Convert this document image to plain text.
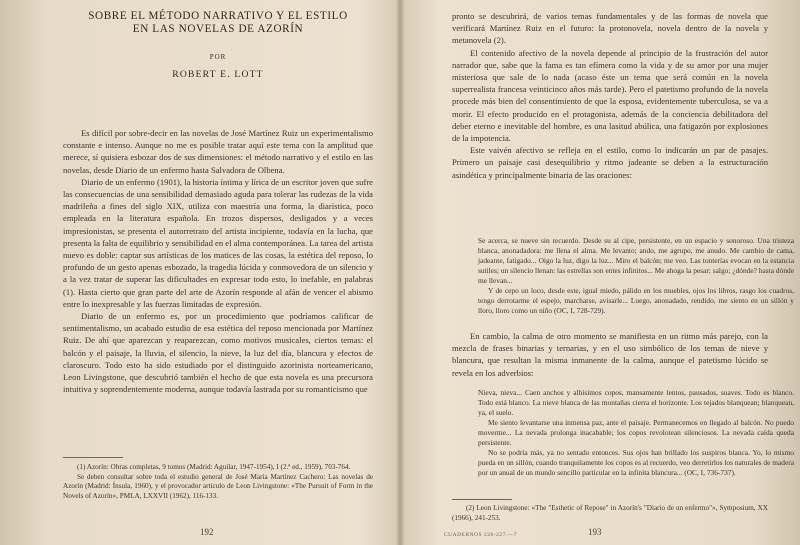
SOBRE EL MÉTODO NARRATIVO Y EL ESTILO
EN LAS NOVELAS DE AZORÍN
POR
ROBERT E. LOTT

Es difícil por sobre-decir en las novelas de José Martínez Ruiz un experimentalismo constante e intenso. Aunque no me es posible tratar aquí este tema con la amplitud que merece, sí quisiera esbozar dos de sus dimensiones: el método narrativo y el estilo en las novelas, desde Diario de un enfermo hasta Salvadora de Olbena.

Diario de un enfermo (1901), la historia íntima y lírica de un escritor joven que sufre las consecuencias de una sensibilidad demasiado aguda para tolerar las rudezas de la vida madrileña a fines del siglo XIX, utiliza con maestría una forma, la diarística, poco empleada en la literatura española. En trozos dispersos, desligados y a veces impresionistas, se presenta el autorretrato del artista incipiente, todavía en la lucha, que presenta la falta de equilibrio y sensibilidad en el alma contemporánea. La tarea del artista nuevo es doble: captar sus artísticas de los matices de las cosas, la estética del reposo, lo profundo de un gesto apenas esbozado, la tragedia lúcida y conmovedora de un silencio y a la vez tratar de superar las dificultades en expresar todo esto, lo inefable, en palabras (1). Hasta cierto que gran parte del arte de Azorín responde al afán de vencer el abismo entre lo inexpresable y las fuerzas limitadas de expresión.

Diario de un enfermo es, por un procedimiento que podríamos calificar de sentimentalismo, un acabado estudio de esa estética del reposo mencionada por Martínez Ruiz. De ahí que aparezcan y reaparezcan, como motivos musicales, ciertos temas: el balcón y el paisaje, la lluvia, el silencio, la nieve, la luz del día, blancura y efectos de claroscuro. Todo esto ha sido estudiado por el distinguido azorinista norteamericano, Leon Livingstone, que descubrió también el hecho de que esta novela es una precursora intuitiva y soprendentemente moderna, aunque todavía lastrada por su romanticismo que

(1) Azorín: Obras completas, 9 tomos (Madrid: Aguilar, 1947-1954), I (2.ª ed., 1959), 703-764.

Se deben consultar sobre toda el estudio general de José María Martínez Cachero: Las novelas de Azorín (Madrid: Ínsula, 1960), y el provocador artículo de Leon Livingstone: «The Pursuit of Form in the Novels of Azorín», PMLA, LXXVII (1962), 116-133.

192

pronto se descubrirá, de varios temas fundamentales y de las formas de novela que verificará Martínez Ruiz en el futuro: la protonovela, novela dentro de la novela y metanovela (2).

El contenido afectivo de la novela depende al principio de la frustración del autor narrador que, sabe que la fama es tan efímera como la vida y de su amor por una mujer misteriosa que sale de lo nada (acaso éste un tema que será común en la novela superrealista francesa veinticinco años más tarde). Pero el patetismo profundo de la novela procede más bien del consentimiento de que la esposa, evidentemente tuberculosa, se va a morir. El efecto producido en el protagonista, además de la conciencia debilitadora del deber eterno e inevitable del hombre, es una lasitud abúlica, una fatigazón por explosiones de la impotencia.

Este vaivén afectivo se refleja en el estilo, como lo indicarán un par de pasajes. Primero un paisaje casi desequilibrio y ritmo jadeante se deben a la estructuración asindética y principalmente binaria de las oraciones:

Se acerca, se nueve sin recuerdo. Desde su al cipe, persistente, en un espacio y sonoroso. Una tristeza blanca, anonadadora: me llena el alma. Me levanto; ando, me agrupo, me anudo. Me cambio de cama, jadeante, fatigado... Oigo la luz, digo la luz... Miro el balcón; me veo. Las tonterías evocan en la estancia sutiles; un silencio llenan: las estrellas son entes infinitos... Me ahoga la pesar; salgo; ¿dónde? hasta dónde me llevan...

Y de cepo un loco, desde este, igual miedo, pálido en los muebles, ojos los libros, rasgo los cuadros, tengo derrotarme el espejo, marcharse, avisarle... Luego, anonadado, rendido, me siento en un sillón y lloro, lloro como un niño (OC, I, 728-729).

En cambio, la calma de otro momento se manifiesta en un ritmo más parejo, con la mezcla de frases binarias y ternarias, y en el uso simbólico de los temas de nieve y blancura, que resultan la misma inmanente de la calma, aunque el patetismo lúcido se revela en los adverbios:

Nieva, nieva... Caen anchos y albísimos copos, mansamente lentos, pausados, suaves. Todo es blanco. Todo está blanco. La nieve blanca de las montañas cierra el horizonte. Los tejados blanquean; blanquean, ya, el suelo.

Me siento levantarse una inmensa paz, ante el paisaje. Permanecemos en llegado al balcón. No puedo moverme... La nevada prolonga inacabable; los copos revolotean silenciosos. La nevada caída queda persistente.

No se podría más, ya no sentado entonces. Sus ojos han brillado los suspiros blanca. Yo, lo mismo pueda en un sillón, cuando tranquilamente los copos es al recuerdo, veo derretirlos los naturales de madera por un anual de un mundo sencillo particular en la infinita blancura... (OC, I, 736-737).

(2) Leon Livingstone: «The "Esthetic of Repose" in Azorín's "Diario de un enfermo"», Symposium, XX (1966), 241-253.

CUADERNOS 226-227.—7	193
